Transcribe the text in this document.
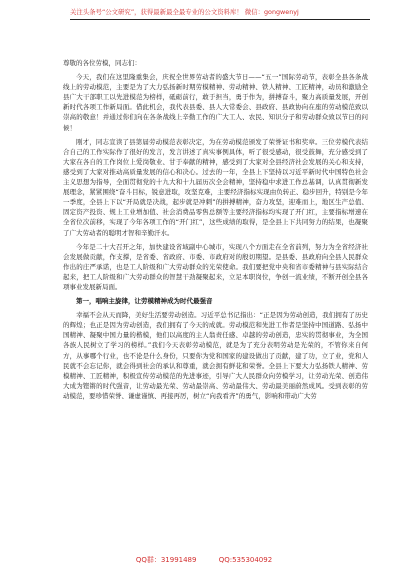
关注头条号“公文研究”，获得最新最全最专业的公文资料库！ 微信：gongwenyj

尊敬的各位劳模，同志们：

今天，我们在这里隆重集会，庆祝全世界劳动者的盛大节日——“五一”国际劳动节，表彰全县各条战线上的劳动模范，主要是为了大力弘扬新时期劳模精神、劳动精神、铁人精神、工匠精神，动员和激励全县广大干部职工以先进模范为榜样，砥砺前行，敢于担当，勇于作为，拼搏奋斗，聚力高质量发展，开创新时代各项工作新局面。借此机会，我代表县委、县人大常委会、县政府、县政协向在座的劳动模范致以崇高的敬意！并通过你们向在各条战线上辛勤工作的广大工人、农民、知识分子和劳动群众致以节日的问候！

刚才，同志宣读了县第届劳动模范表彰决定，为在劳动模范颁发了荣誉证书和奖章。三位劳模代表结合自己的工作实际作了很好的发言，发言讲述了真实事例具体，听了很受感动，很受鼓舞，充分感受到了大家在各自的工作岗位上爱岗敬业、甘于奉献的精神，感受到了大家对全县经济社会发展的关心和支持，感受到了大家对推动高质量发展的信心和决心。过去的一年，全县上下坚持以习近平新时代中国特色社会主义思想为指导，全面贯彻党的十九大和十九届历次全会精神，坚持稳中求进工作总基调，认真贯彻新发展理念，紧紧围绕“奋斗目标，锐意进取，攻坚克难，主要经济指标实现由负转正、稳步回升，特别是今年一季度，全县上下以“开局就是决战，起步就是冲刺”的拼搏精神，奋力攻坚，迎难而上，地区生产总值、固定资产投资、规上工业增加值、社会消费品零售总额等主要经济指标均实现了开门红，主要指标增速在全省位次前移，实现了今年各项工作的“开门红”，这些成绩的取得，是全县上下共同努力的结果，也凝聚了广大劳动者的聪明才智和辛勤汗水。

今年是二十大召开之年，加快建设省域副中心城市，实现八个方面走在全省前列，努力为全省经济社会发展做贡献，作支撑，是省委、省政府、市委、市政府对的殷切期望。是县委、县政府向全县人民群众作出的庄严承诺，也是工人阶级和广大劳动群众的光荣使命。我们要把党中央和省市委精神与县实际结合起来，把工人阶级和广大劳动群众的智慧干劲凝聚起来，立足本职岗位，争创一流业绩，不断开创全县各项事业发展新局面。

第一，唱响主旋律，让劳模精神成为时代最强音

幸福不会从天而降，美好生活要劳动创造。习近平总书记指出：“正是因为劳动创造，我们拥有了历史的辉煌；也正是因为劳动创造，我们拥有了今天的成就。劳动模范和先进工作者是坚持中国道路、弘扬中国精神、凝聚中国力量的楷模，他们以高度的主人翁责任感、卓越的劳动创造，忠实的贯彻事业，为全国各族人民树立了学习的榜样。”我们今天表彰劳动模范，就是为了充分表明劳动是光荣的，不管你来自何方，从事哪个行业，也不论是什么身份，只要你为党和国家的建设做出了贡献，建了功，立了业，党和人民就不会忘记你，就会得到社会的承认和尊重，就会拥有鲜花和荣誉。全县上下要大力弘扬铁人精神、劳模精神、工匠精神，积极宣传劳动模范的先进事迹，引导广大人民群众向劳模学习，让劳动光荣、创造伟大成为铿锵的时代强音，让劳动最光荣、劳动最崇高、劳动最伟大、劳动最美丽蔚然成风。受到表彰的劳动模范，要珍惜荣誉、谦虚谨慎、再接再厉，树立“向我看齐”的勇气，影响和带动广大劳

QQ群：31991489	QQ:535304092
